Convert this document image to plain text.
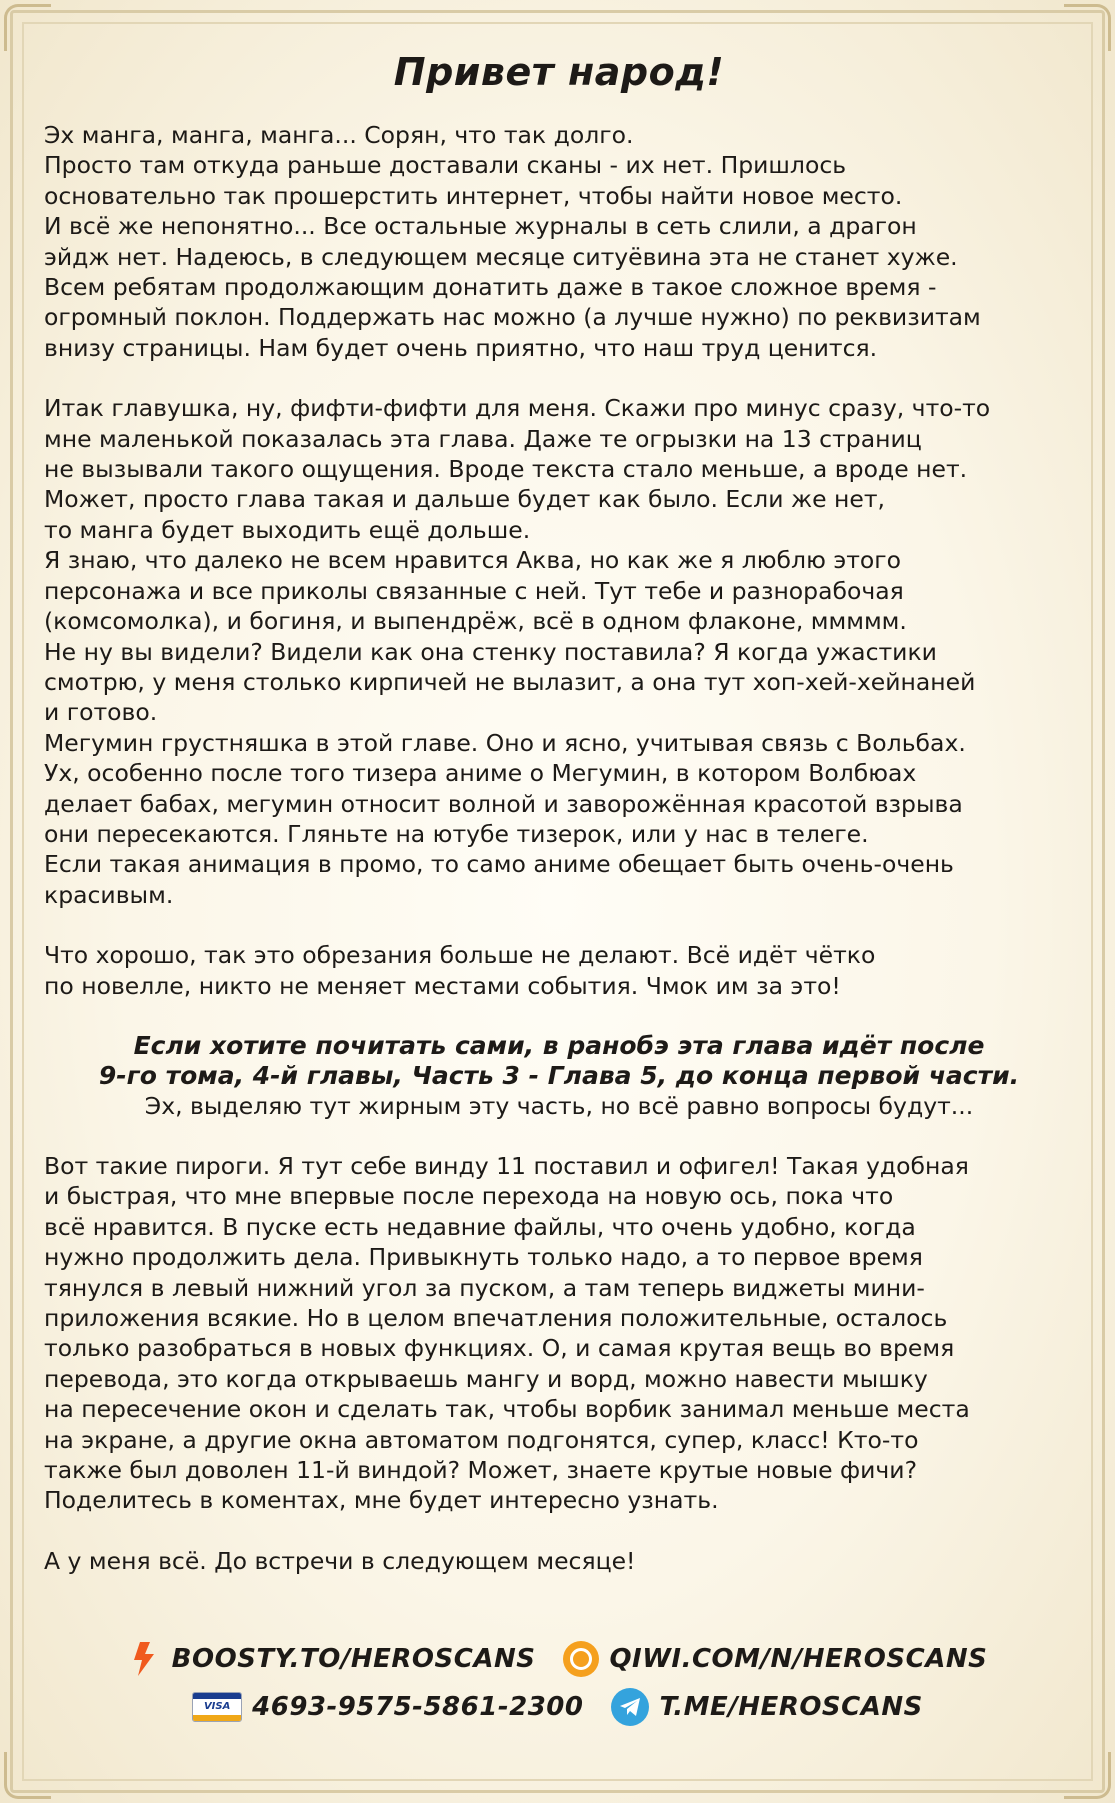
Привет народ!

Эх манга, манга, манга... Сорян, что так долго.

Просто там откуда раньше доставали сканы - их нет. Пришлось

основательно так прошерстить интернет, чтобы найти новое место.

И всё же непонятно... Все остальные журналы в сеть слили, а драгон

эйдж нет. Надеюсь, в следующем месяце ситуёвина эта не станет хуже.

Всем ребятам продолжающим донатить даже в такое сложное время -

огромный поклон. Поддержать нас можно (а лучше нужно) по реквизитам

внизу страницы. Нам будет очень приятно, что наш труд ценится.

Итак главушка, ну, фифти-фифти для меня. Скажи про минус сразу, что-то

мне маленькой показалась эта глава. Даже те огрызки на 13 страниц

не вызывали такого ощущения. Вроде текста стало меньше, а вроде нет.

Может, просто глава такая и дальше будет как было. Если же нет,

то манга будет выходить ещё дольше.

Я знаю, что далеко не всем нравится Аква, но как же я люблю этого

персонажа и все приколы связанные с ней. Тут тебе и разнорабочая

(комсомолка), и богиня, и выпендрёж, всё в одном флаконе, ммммм.

Не ну вы видели? Видели как она стенку поставила? Я когда ужастики

смотрю, у меня столько кирпичей не вылазит, а она тут хоп-хей-хейнаней

и готово.

Мегумин грустняшка в этой главе. Оно и ясно, учитывая связь с Вольбах.

Ух, особенно после того тизера аниме о Мегумин, в котором Волбюах

делает бабах, мегумин относит волной и заворожённая красотой взрыва

они пересекаются. Гляньте на ютубе тизерок, или у нас в телеге.

Если такая анимация в промо, то само аниме обещает быть очень-очень

красивым.

Что хорошо, так это обрезания больше не делают. Всё идёт чётко

по новелле, никто не меняет местами события. Чмок им за это!

Если хотите почитать сами, в ранобэ эта глава идёт после

9-го тома, 4-й главы, Часть 3 - Глава 5, до конца первой части.

Эх, выделяю тут жирным эту часть, но всё равно вопросы будут...

Вот такие пироги. Я тут себе винду 11 поставил и офигел! Такая удобная

и быстрая, что мне впервые после перехода на новую ось, пока что

всё нравится. В пуске есть недавние файлы, что очень удобно, когда

нужно продолжить дела. Привыкнуть только надо, а то первое время

тянулся в левый нижний угол за пуском, а там теперь виджеты мини-

приложения всякие. Но в целом впечатления положительные, осталось

только разобраться в новых функциях. О, и самая крутая вещь во время

перевода, это когда открываешь мангу и ворд, можно навести мышку

на пересечение окон и сделать так, чтобы ворбик занимал меньше места

на экране, а другие окна автоматом подгонятся, супер, класс! Кто-то

также был доволен 11-й виндой? Может, знаете крутые новые фичи?

Поделитесь в коментах, мне будет интересно узнать.

А у меня всё. До встречи в следующем месяце!

BOOSTY.TO/HEROSCANS	QIWI.COM/N/HEROSCANS
VISA 4693-9575-5861-2300	T.ME/HEROSCANS
